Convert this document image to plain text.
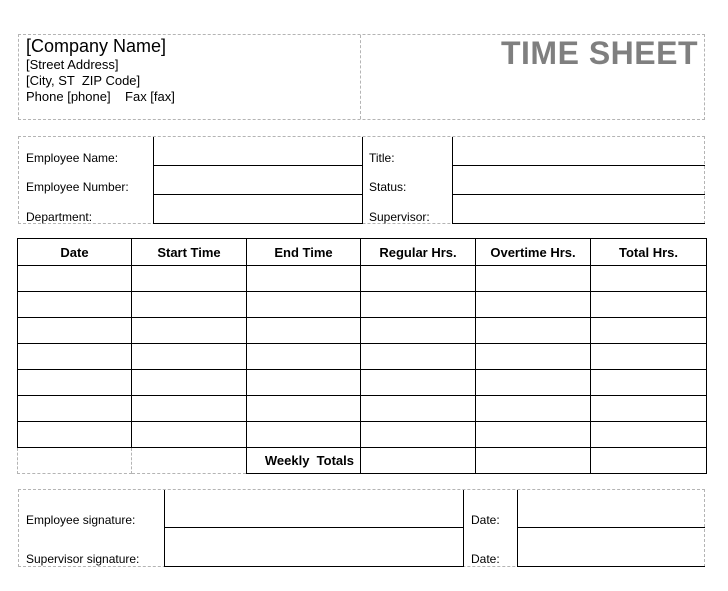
[Company Name]
[Street Address]
[City, ST  ZIP Code]
Phone [phone]    Fax [fax]
TIME SHEET
Employee Name:
Employee Number:
Department:
Title:
Status:
Supervisor:
Date	Start Time	End Time	Regular Hrs.	Overtime Hrs.	Total Hrs.

		Weekly  Totals			
Employee signature:
Supervisor signature:
Date:
Date:
